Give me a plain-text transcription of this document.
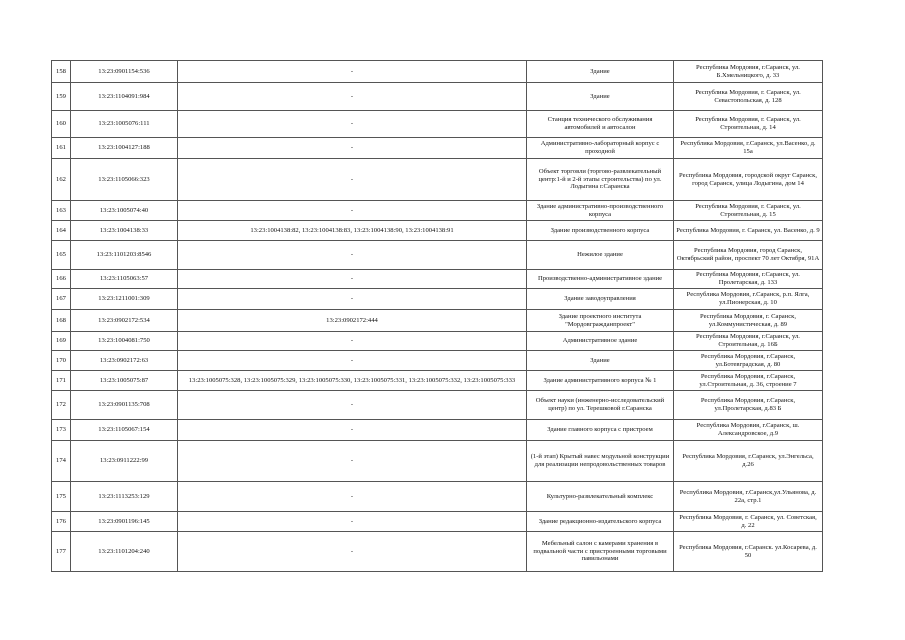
158	13:23:0901154:536	-	Здание	Республика Мордовия, г.Саранск, ул. Б.Хмельницкого, д. 33
159	13:23:1104091:984	-	Здание	Республика Мордовия, г. Саранск, ул. Севастопольская, д. 128
160	13:23:1005076:111	-	Станция технического обслуживания автомобилей и автосалон	Республика Мордовия, г. Саранск, ул. Строительная, д. 14
161	13:23:1004127:188	-	Административно-лабораторный корпус с проходной	Республика Мордовия, г.Саранск, ул.Васенко, д. 15а
162	13:23:1105066:323	-	Объект торговли (торгово-развлекательный центр:1-й и 2-й этапы строительства) по ул. Лодыгина г.Саранска	Республика Мордовия, городской округ Саранск, город Саранск, улица Лодыгина, дом 14
163	13:23:1005074:40	-	Здание административно-производственного корпуса	Республика Мордовия, г. Саранск, ул. Строительная, д. 15
164	13:23:1004138:33	13:23:1004138:82, 13:23:1004138:83, 13:23:1004138:90, 13:23:1004138:91	Здание производственного корпуса	Республика Мордовия, г. Саранск, ул. Васенко, д. 9
165	13:23:1101203:8546	-	Нежилое здание	Республика Мордовия, город Саранск, Октябрьский район, проспект 70 лет Октября, 91А
166	13:23:1105063:57	-	Производственно-административное здание	Республика Мордовия, г.Саранск, ул. Пролетарская, д. 133
167	13:23:1211001:309	-	Здание заводоуправления	Республика Мордовия, г.Саранск, р.п. Ялга, ул.Пионерская, д. 10
168	13:23:0902172:534	13:23:0902172:444	Здание проектного института "Мордовгражданпроект"	Республика Мордовия, г. Саранск, ул.Коммунистическая, д. 89
169	13:23:1004081:750	-	Административное здание	Республика Мордовия, г.Саранск, ул. Строительная, д. 16Б
170	13:23:0902172:63	-	Здание	Республика Мордовия, г.Саранск, ул.Ботевградская, д. 80
171	13:23:1005075:87	13:23:1005075:328, 13:23:1005075:329, 13:23:1005075:330, 13:23:1005075:331, 13:23:1005075:332, 13:23:1005075:333	Здание административного корпуса № 1	Республика Мордовия, г.Саранск, ул.Строительная, д. 36, строение 7
172	13:23:0901135:708	-	Объект науки (инженерно-исследовательский центр) по ул. Терешковой г.Саранска	Республика Мордовия, г.Саранск, ул.Пролетарская, д.83 Б
173	13:23:1105067:154	-	Здание главного корпуса с пристроем	Республика Мордовия, г.Саранск, ш. Александровское, д.9
174	13:23:0911222:99	-	(1-й этап) Крытый навес модульной конструкции для реализации непродовольственных товаров	Республика Мордовия, г.Саранск, ул.Энгельса, д.26
175	13:23:1113253:129	-	Культурно-развлекательный комплекс	Республика Мордовия, г.Саранск,ул.Ульянова, д. 22а, стр.1
176	13:23:0901196:145	-	Здание редакционно-издательского корпуса	Республика Мордовия, г. Саранск, ул. Советская, д. 22
177	13:23:1101204:240	-	Мебельный салон с камерами хранения в подвальной части с пристроенными торговыми павильонами	Республика Мордовия, г.Саранск. ул.Косарева, д. 50
